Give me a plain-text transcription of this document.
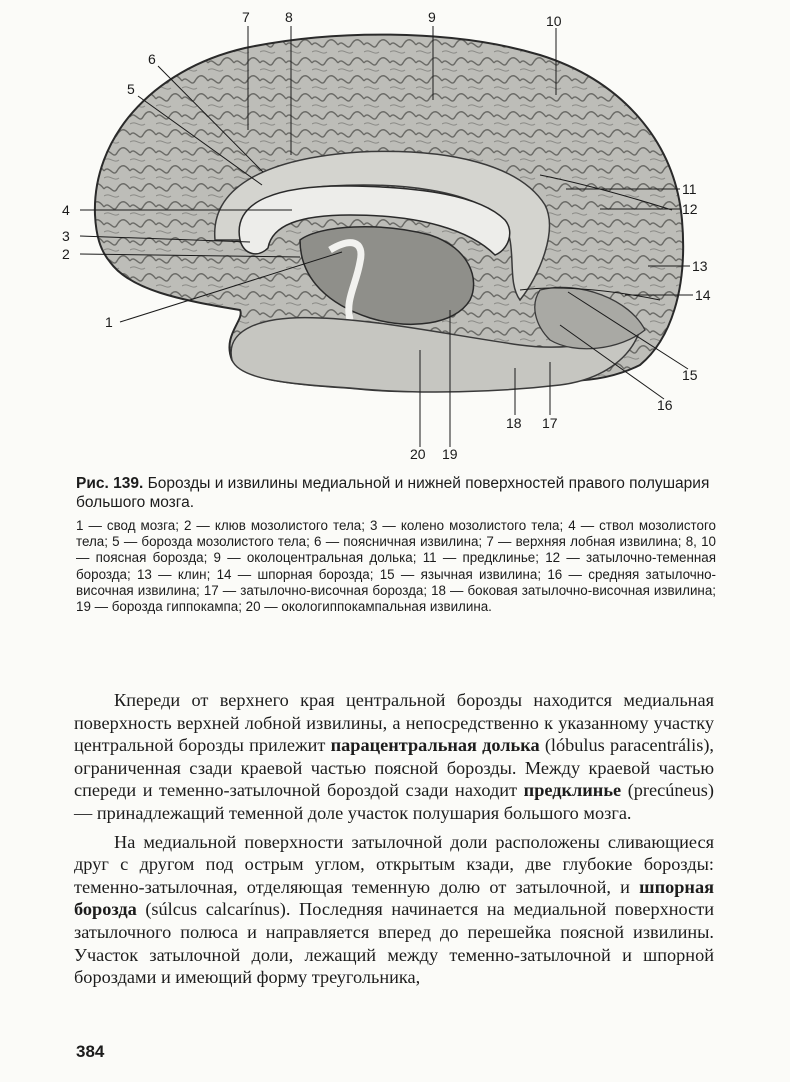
1
2
3
4
5
6
7	8	9	10
11
12
13
14
15
16
17
18
19
20

Рис. 139. Борозды и извилины медиальной и нижней поверхностей правого полушария большого мозга.

1 — свод мозга; 2 — клюв мозолистого тела; 3 — колено мозолистого тела; 4 — ствол мозолистого тела; 5 — борозда мозолистого тела; 6 — поясничная извилина; 7 — верхняя лобная извилина; 8, 10 — поясная борозда; 9 — околоцентральная долька; 11 — предклинье; 12 — затылочно-теменная борозда; 13 — клин; 14 — шпорная борозда; 15 — язычная извилина; 16 — средняя затылочно-височная извилина; 17 — затылочно-височная борозда; 18 — боковая затылочно-височная извилина; 19 — борозда гиппокампа; 20 — окологиппокампальная извилина.

Кпереди от верхнего края центральной борозды находится медиальная поверхность верхней лобной извилины, а непосредственно к указанному участку центральной борозды прилежит парацентральная долька (lóbulus paracentrális), ограниченная сзади краевой частью поясной борозды. Между краевой частью спереди и теменно-затылочной бороздой сзади находит предклинье (precúneus) — принадлежащий теменной доле участок полушария большого мозга.

На медиальной поверхности затылочной доли расположены сливающиеся друг с другом под острым углом, открытым кзади, две глубокие борозды: теменно-затылочная, отделяющая теменную долю от затылочной, и шпорная борозда (súlcus calcarínus). Последняя начинается на медиальной поверхности затылочного полюса и направляется вперед до перешейка поясной извилины. Участок затылочной доли, лежащий между теменно-затылочной и шпорной бороздами и имеющий форму треугольника,

384
